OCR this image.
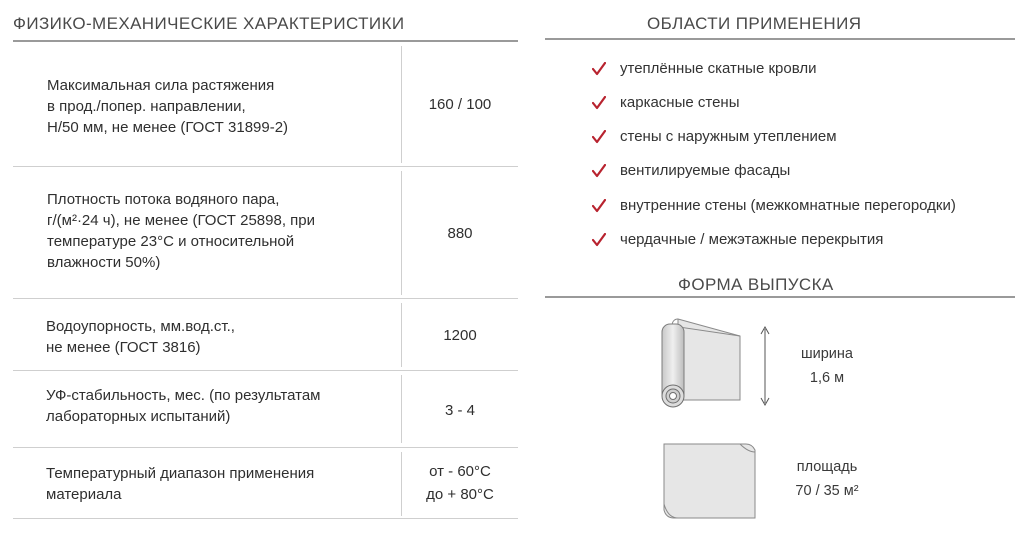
ФИЗИКО-МЕХАНИЧЕСКИЕ ХАРАКТЕРИСТИКИ
Максимальная сила растяжения
в прод./попер. направлении,
Н/50 мм, не менее (ГОСТ 31899-2)
160 / 100
Плотность потока водяного пара,
г/(м²·24 ч), не менее (ГОСТ 25898, при
температуре 23°С и относительной
влажности 50%)
880
Водоупорность, мм.вод.ст.,
не менее (ГОСТ 3816)
1200
УФ-стабильность, мес. (по результатам
лабораторных испытаний)	3 - 4
Температурный диапазон применения
материала
от - 60°С
до + 80°С
ОБЛАСТИ ПРИМЕНЕНИЯ
утеплённые скатные кровли
каркасные стены
стены с наружным утеплением
вентилируемые фасады
внутренние стены (межкомнатные перегородки)
чердачные / межэтажные перекрытия
ФОРМА ВЫПУСКА
ширина
1,6 м
площадь
70 / 35 м²
